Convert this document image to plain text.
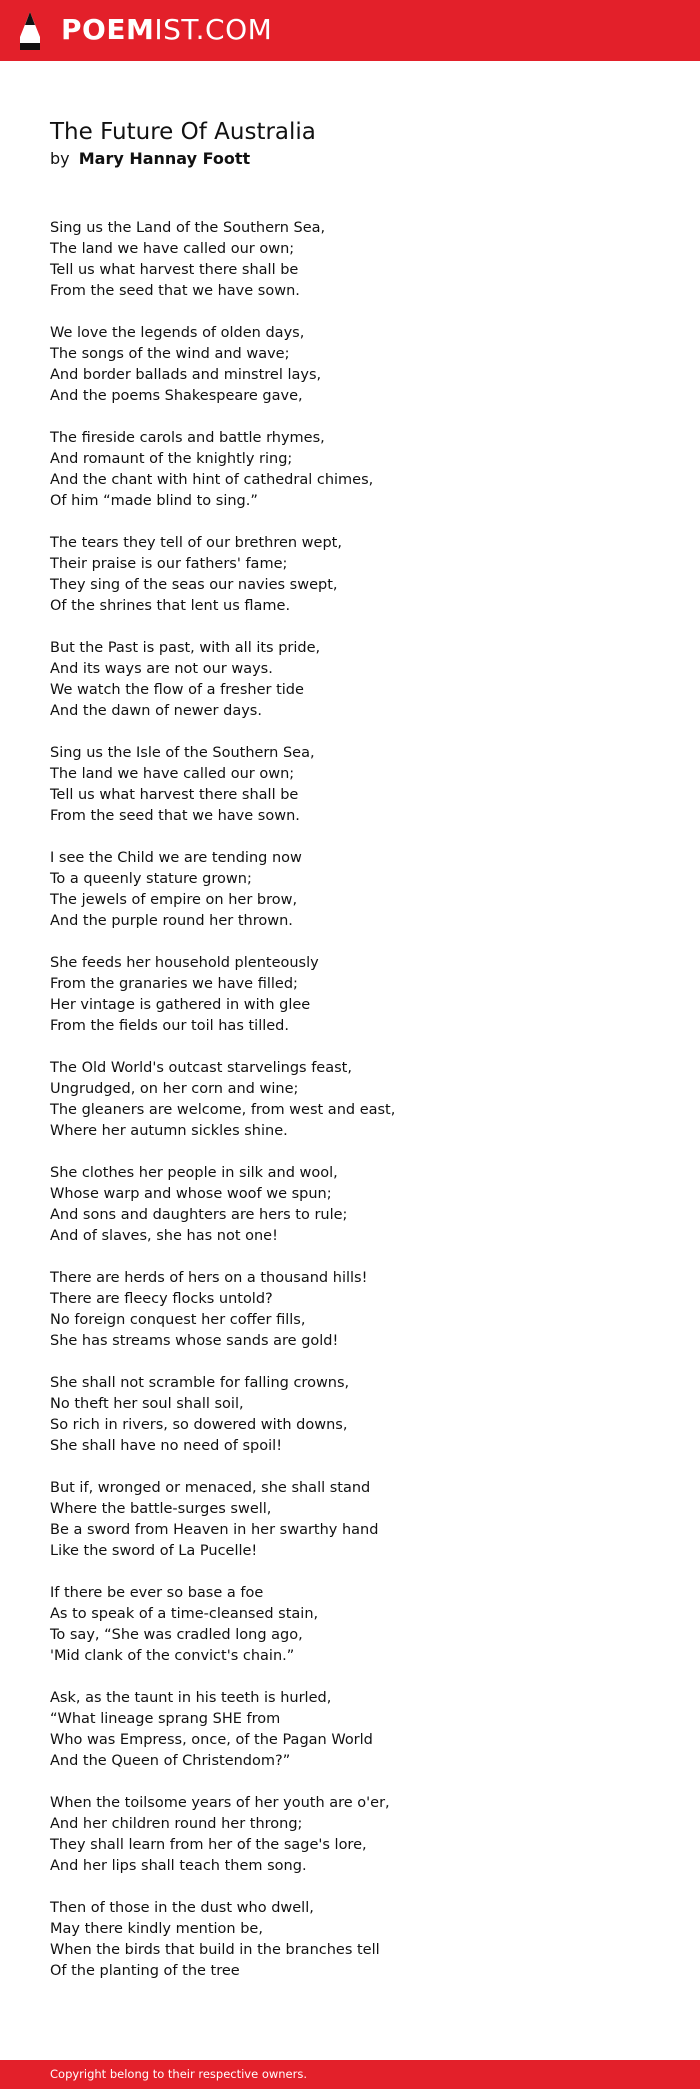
POEMIST.COM
The Future Of Australia
by Mary Hannay Foott
Sing us the Land of the Southern Sea,
The land we have called our own;
Tell us what harvest there shall be
From the seed that we have sown.
We love the legends of olden days,
The songs of the wind and wave;
And border ballads and minstrel lays,
And the poems Shakespeare gave,
The fireside carols and battle rhymes,
And romaunt of the knightly ring;
And the chant with hint of cathedral chimes,
Of him “made blind to sing.”
The tears they tell of our brethren wept,
Their praise is our fathers' fame;
They sing of the seas our navies swept,
Of the shrines that lent us flame.
But the Past is past, with all its pride,
And its ways are not our ways.
We watch the flow of a fresher tide
And the dawn of newer days.
Sing us the Isle of the Southern Sea,
The land we have called our own;
Tell us what harvest there shall be
From the seed that we have sown.
I see the Child we are tending now
To a queenly stature grown;
The jewels of empire on her brow,
And the purple round her thrown.
She feeds her household plenteously
From the granaries we have filled;
Her vintage is gathered in with glee
From the fields our toil has tilled.
The Old World's outcast starvelings feast,
Ungrudged, on her corn and wine;
The gleaners are welcome, from west and east,
Where her autumn sickles shine.
She clothes her people in silk and wool,
Whose warp and whose woof we spun;
And sons and daughters are hers to rule;
And of slaves, she has not one!
There are herds of hers on a thousand hills!
There are fleecy flocks untold?
No foreign conquest her coffer fills,
She has streams whose sands are gold!
She shall not scramble for falling crowns,
No theft her soul shall soil,
So rich in rivers, so dowered with downs,
She shall have no need of spoil!
But if, wronged or menaced, she shall stand
Where the battle-surges swell,
Be a sword from Heaven in her swarthy hand
Like the sword of La Pucelle!
If there be ever so base a foe
As to speak of a time-cleansed stain,
To say, “She was cradled long ago,
'Mid clank of the convict's chain.”
Ask, as the taunt in his teeth is hurled,
“What lineage sprang SHE from
Who was Empress, once, of the Pagan World
And the Queen of Christendom?”
When the toilsome years of her youth are o'er,
And her children round her throng;
They shall learn from her of the sage's lore,
And her lips shall teach them song.
Then of those in the dust who dwell,
May there kindly mention be,
When the birds that build in the branches tell
Of the planting of the tree
Copyright belong to their respective owners.
